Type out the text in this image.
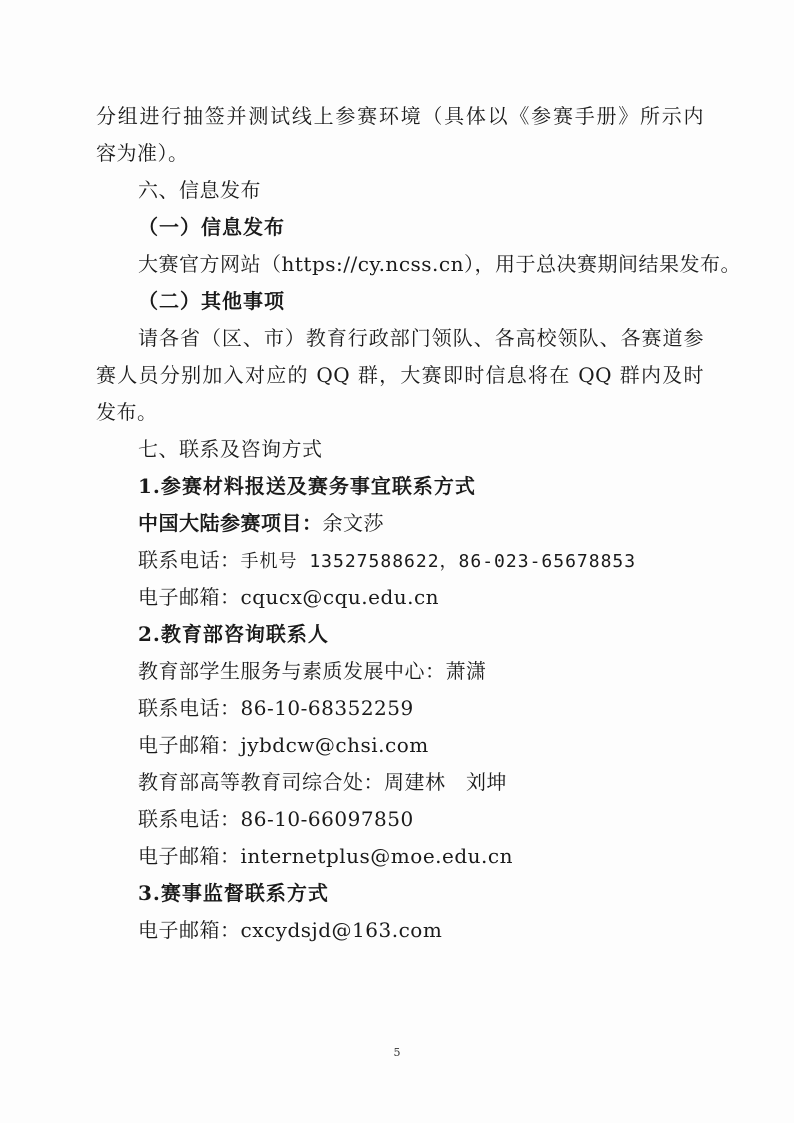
分组进行抽签并测试线上参赛环境（具体以《参赛手册》所示内
容为准）。
六、信息发布
（一）信息发布
大赛官方网站（https://cy.ncss.cn），用于总决赛期间结果发布。
（二）其他事项
请各省（区、市）教育行政部门领队、各高校领队、各赛道参
赛人员分别加入对应的 QQ 群，大赛即时信息将在 QQ 群内及时
发布。
七、联系及咨询方式
1.参赛材料报送及赛务事宜联系方式
中国大陆参赛项目：余文莎
联系电话：手机号 13527588622，86-023-65678853
电子邮箱：cqucx@cqu.edu.cn
2.教育部咨询联系人
教育部学生服务与素质发展中心：萧潇
联系电话：86-10-68352259
电子邮箱：jybdcw@chsi.com
教育部高等教育司综合处：周建林　刘坤
联系电话：86-10-66097850
电子邮箱：internetplus@moe.edu.cn
3.赛事监督联系方式
电子邮箱：cxcydsjd@163.com
5
